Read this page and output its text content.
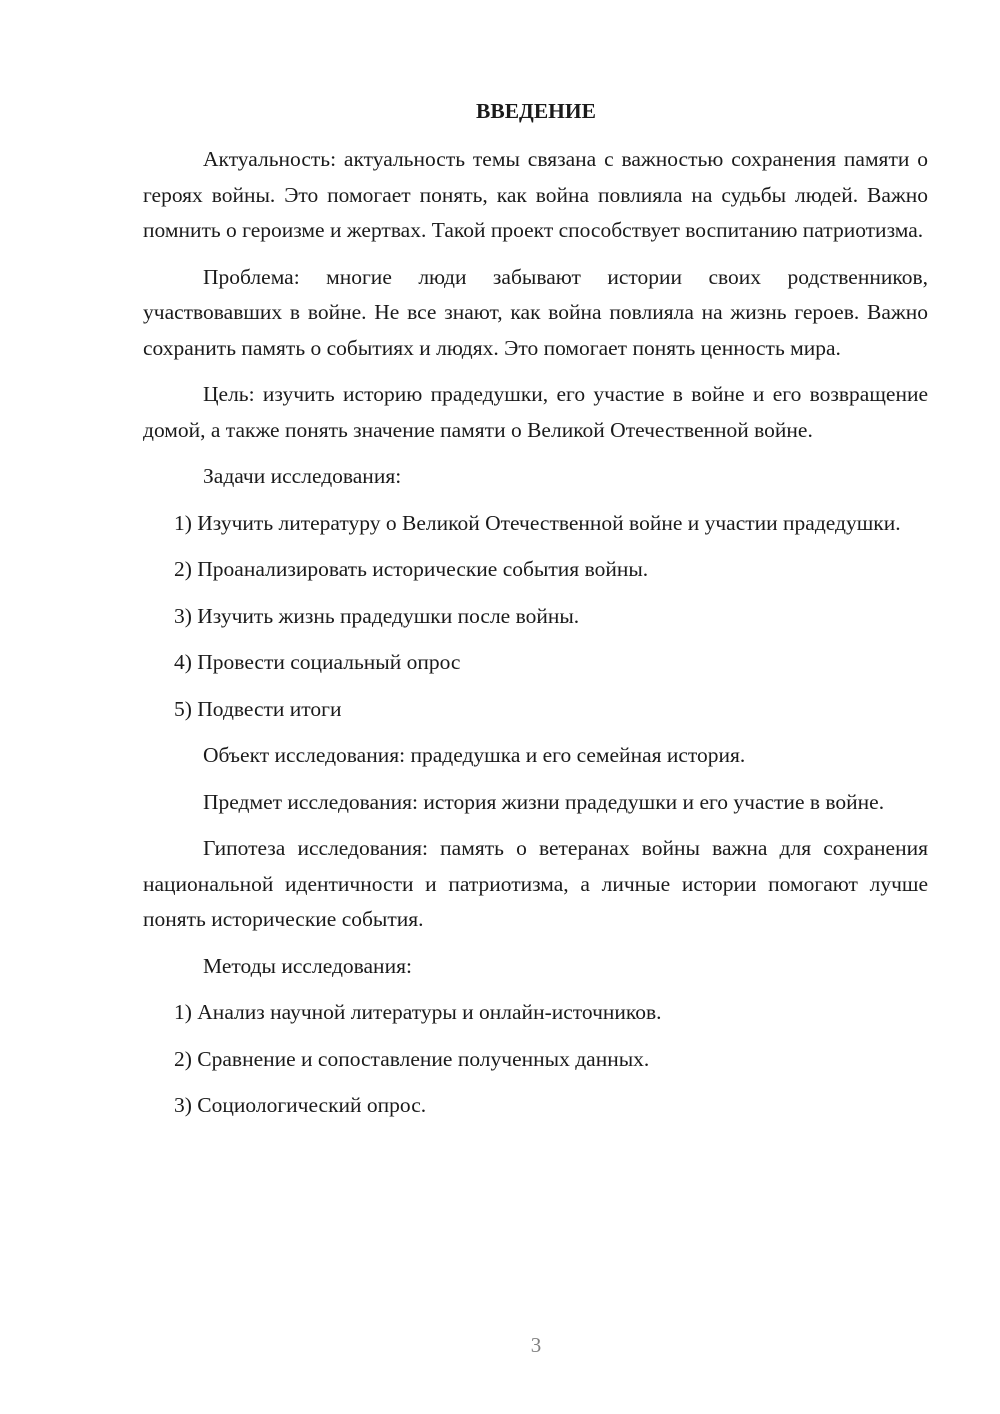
ВВЕДЕНИЕ

Актуальность: актуальность темы связана с важностью сохранения памяти о героях войны. Это помогает понять, как война повлияла на судьбы людей. Важно помнить о героизме и жертвах. Такой проект способствует воспитанию патриотизма.

Проблема: многие люди забывают истории своих родственников, участвовавших в войне. Не все знают, как война повлияла на жизнь героев. Важно сохранить память о событиях и людях. Это помогает понять ценность мира.

Цель: изучить историю прадедушки, его участие в войне и его возвращение домой, а также понять значение памяти о Великой Отечественной войне.

Задачи исследования:

1) Изучить литературу о Великой Отечественной войне и участии прадедушки.

2) Проанализировать исторические события войны.

3) Изучить жизнь прадедушки после войны.

4) Провести социальный опрос

5) Подвести итоги

Объект исследования: прадедушка и его семейная история.

Предмет исследования: история жизни прадедушки и его участие в войне.

Гипотеза исследования: память о ветеранах войны важна для сохранения национальной идентичности и патриотизма, а личные истории помогают лучше понять исторические события.

Методы исследования:

1) Анализ научной литературы и онлайн-источников.

2) Сравнение и сопоставление полученных данных.

3) Социологический опрос.

3
